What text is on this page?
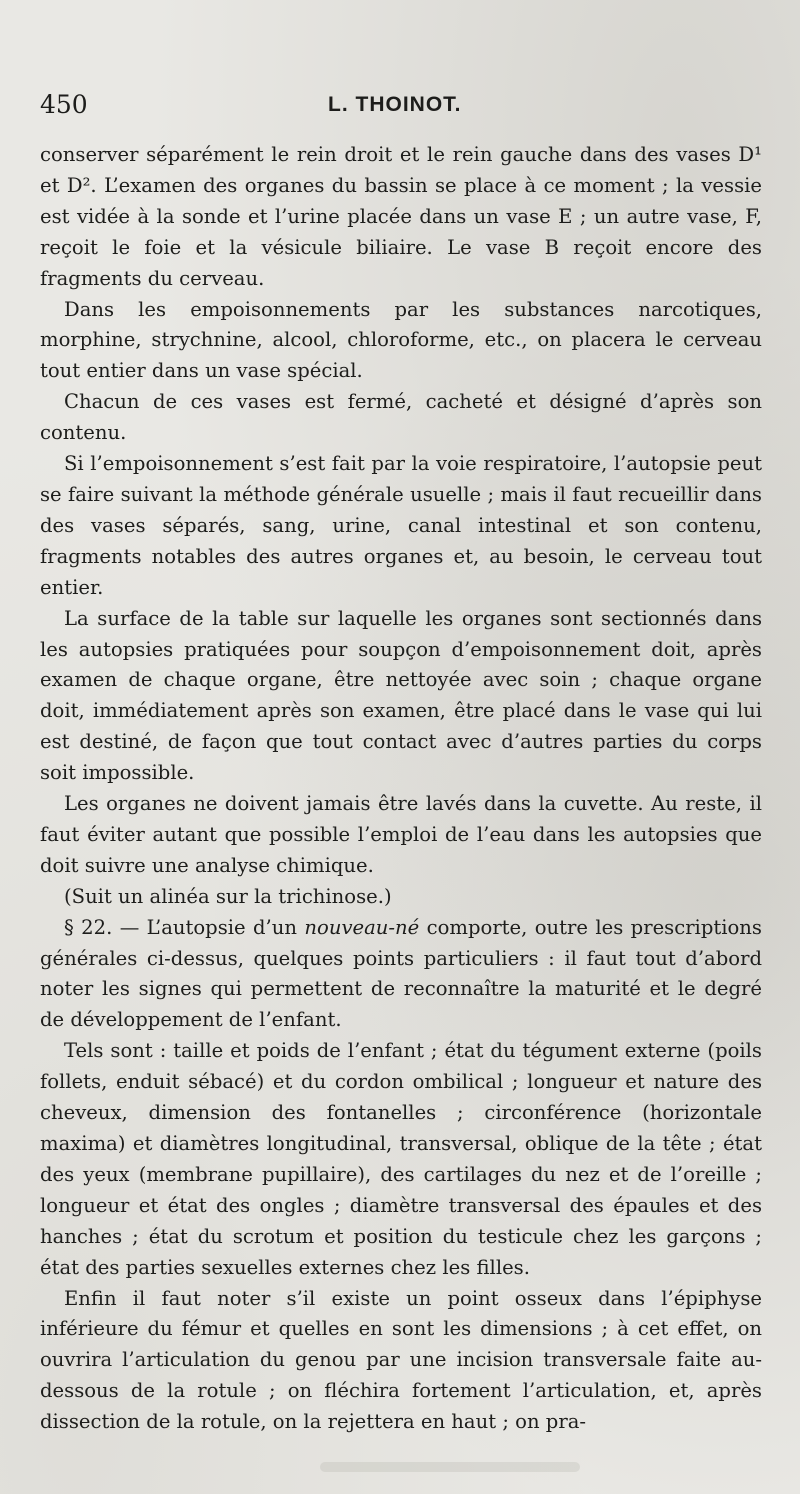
450	L. THOINOT.

conserver séparément le rein droit et le rein gauche dans des vases D¹ et D². L’examen des organes du bassin se place à ce moment ; la vessie est vidée à la sonde et l’urine placée dans un vase E ; un autre vase, F, reçoit le foie et la vésicule biliaire. Le vase B reçoit encore des fragments du cerveau.

Dans les empoisonnements par les substances narcotiques, morphine, strychnine, alcool, chloroforme, etc., on placera le cerveau tout entier dans un vase spécial.

Chacun de ces vases est fermé, cacheté et désigné d’après son contenu.

Si l’empoisonnement s’est fait par la voie respiratoire, l’autopsie peut se faire suivant la méthode générale usuelle ; mais il faut recueillir dans des vases séparés, sang, urine, canal intestinal et son contenu, fragments notables des autres organes et, au besoin, le cerveau tout entier.

La surface de la table sur laquelle les organes sont sectionnés dans les autopsies pratiquées pour soupçon d’empoisonnement doit, après examen de chaque organe, être nettoyée avec soin ; chaque organe doit, immédiatement après son examen, être placé dans le vase qui lui est destiné, de façon que tout contact avec d’autres parties du corps soit impossible.

Les organes ne doivent jamais être lavés dans la cuvette. Au reste, il faut éviter autant que possible l’emploi de l’eau dans les autopsies que doit suivre une analyse chimique.

(Suit un alinéa sur la trichinose.)

§ 22. — L’autopsie d’un nouveau-né comporte, outre les prescriptions générales ci-dessus, quelques points particuliers : il faut tout d’abord noter les signes qui permettent de reconnaître la maturité et le degré de développement de l’enfant.

Tels sont : taille et poids de l’enfant ; état du tégument externe (poils follets, enduit sébacé) et du cordon ombilical ; longueur et nature des cheveux, dimension des fontanelles ; circonférence (horizontale maxima) et diamètres longitudinal, transversal, oblique de la tête ; état des yeux (membrane pupillaire), des cartilages du nez et de l’oreille ; longueur et état des ongles ; diamètre transversal des épaules et des hanches ; état du scrotum et position du testicule chez les garçons ; état des parties sexuelles externes chez les filles.

Enfin il faut noter s’il existe un point osseux dans l’épiphyse inférieure du fémur et quelles en sont les dimensions ; à cet effet, on ouvrira l’articulation du genou par une incision transversale faite au-dessous de la rotule ; on fléchira fortement l’articulation, et, après dissection de la rotule, on la rejettera en haut ; on pra-
